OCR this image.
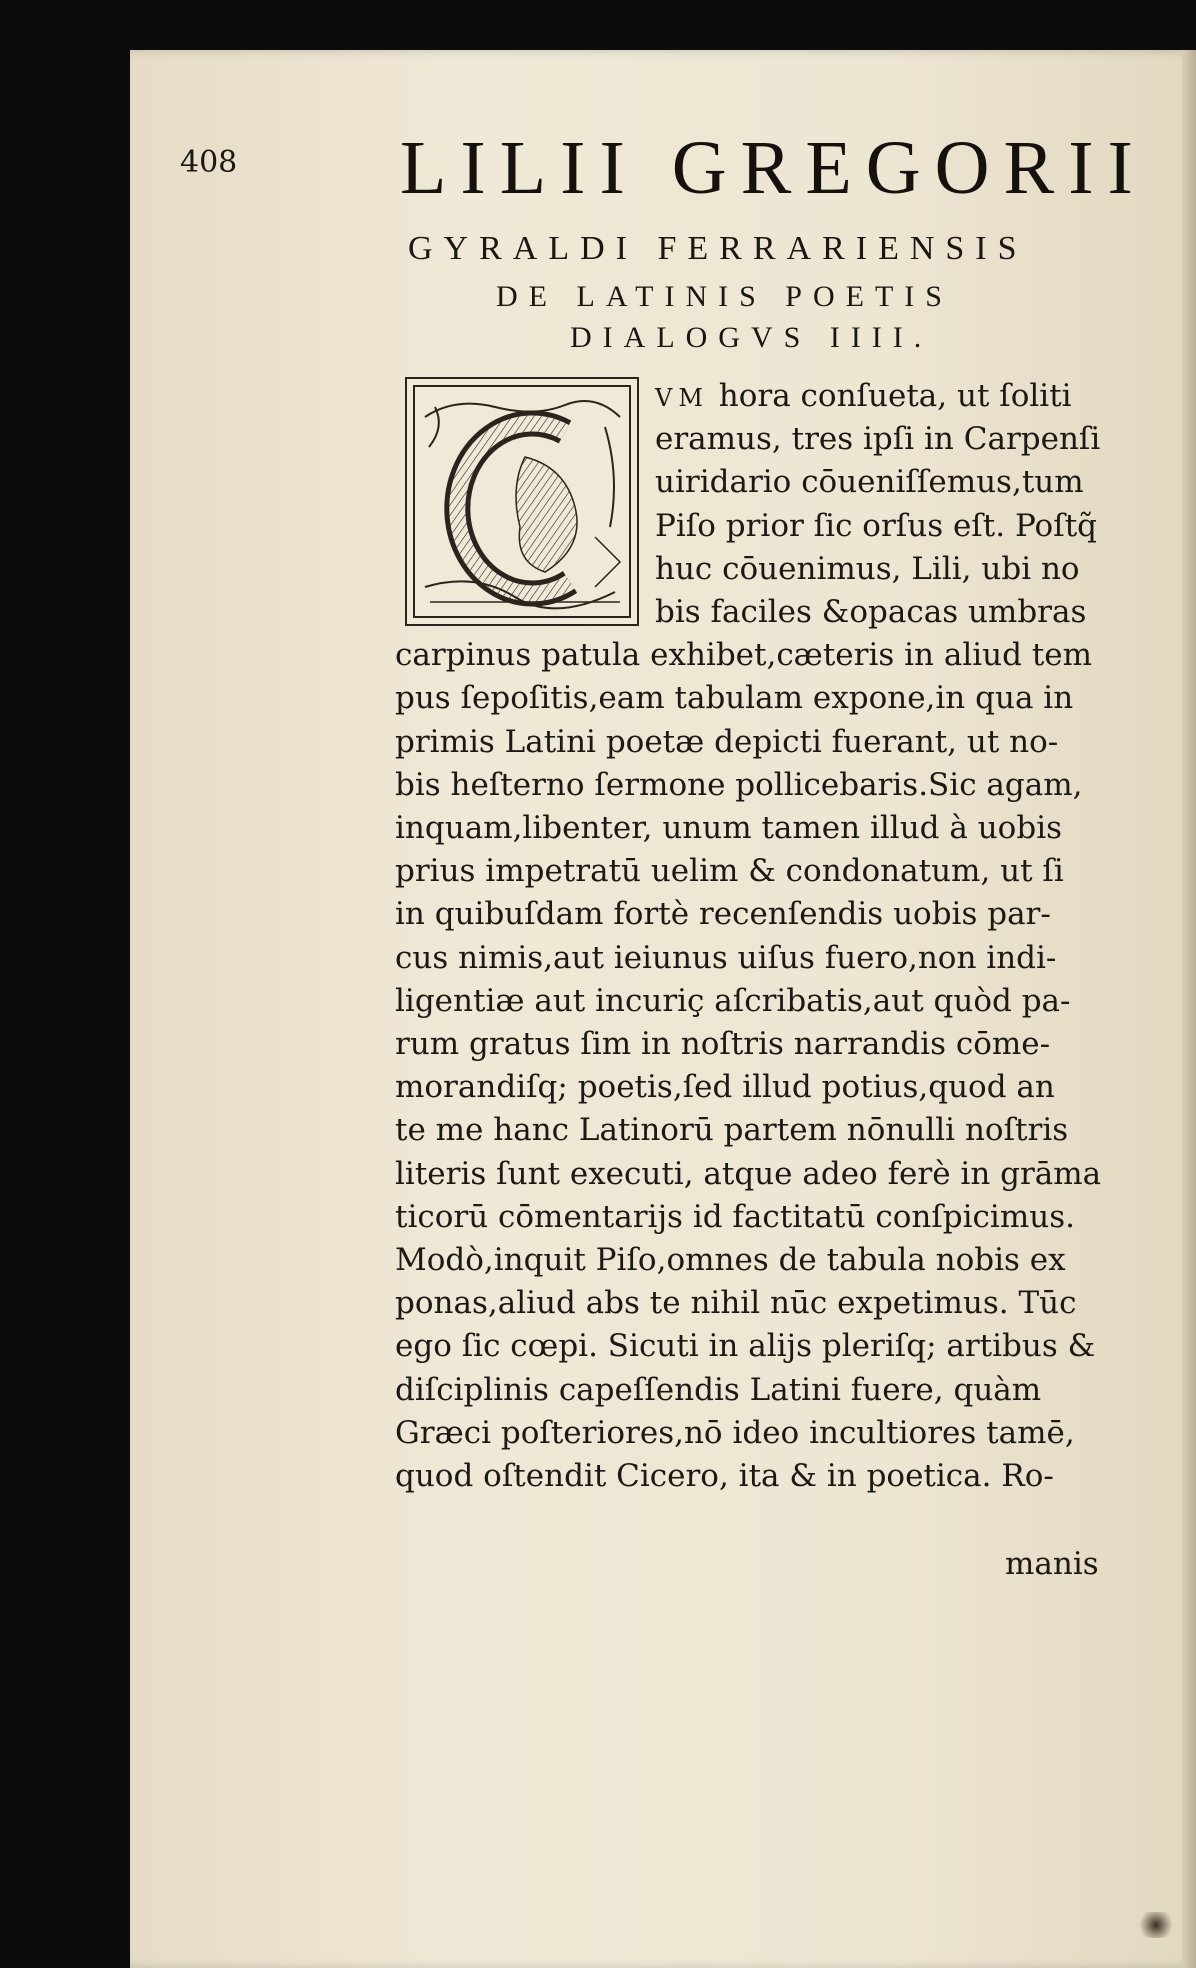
408 LILII GREGORII
GYRALDI FERRARIENSIS
DE LATINIS POETIS
DIALOGVS IIII.
VM hora conſueta, ut ſoliti
eramus, tres ipſi in Carpenſi
uiridario cōueniſſemus,tum
Piſo prior ſic orſus eſt. Poſtq̃
huc cōuenimus, Lili, ubi no
bis faciles &opacas umbras
carpinus patula exhibet,cæteris in aliud tem
pus ſepoſitis,eam tabulam expone,in qua in
primis Latini poetæ depicti fuerant, ut no-
bis heſterno ſermone pollicebaris.Sic agam,
inquam,libenter, unum tamen illud à uobis
prius impetratū uelim & condonatum, ut ſi
in quibuſdam fortè recenſendis uobis par-
cus nimis,aut ieiunus uiſus fuero,non indi-
ligentiæ aut incuriç aſcribatis,aut quòd pa-
rum gratus ſim in noſtris narrandis cōme-
morandiſq; poetis,ſed illud potius,quod an
te me hanc Latinorū partem nōnulli noſtris
literis ſunt executi, atque adeo ferè in grāma
ticorū cōmentarijs id factitatū conſpicimus.
Modò,inquit Piſo,omnes de tabula nobis ex
ponas,aliud abs te nihil nūc expetimus. Tūc
ego ſic cœpi. Sicuti in alijs pleriſq; artibus &
diſciplinis capeſſendis Latini fuere, quàm
Græci poſteriores,nō ideo incultiores tamē,
quod oſtendit Cicero, ita & in poetica. Ro-
manis
